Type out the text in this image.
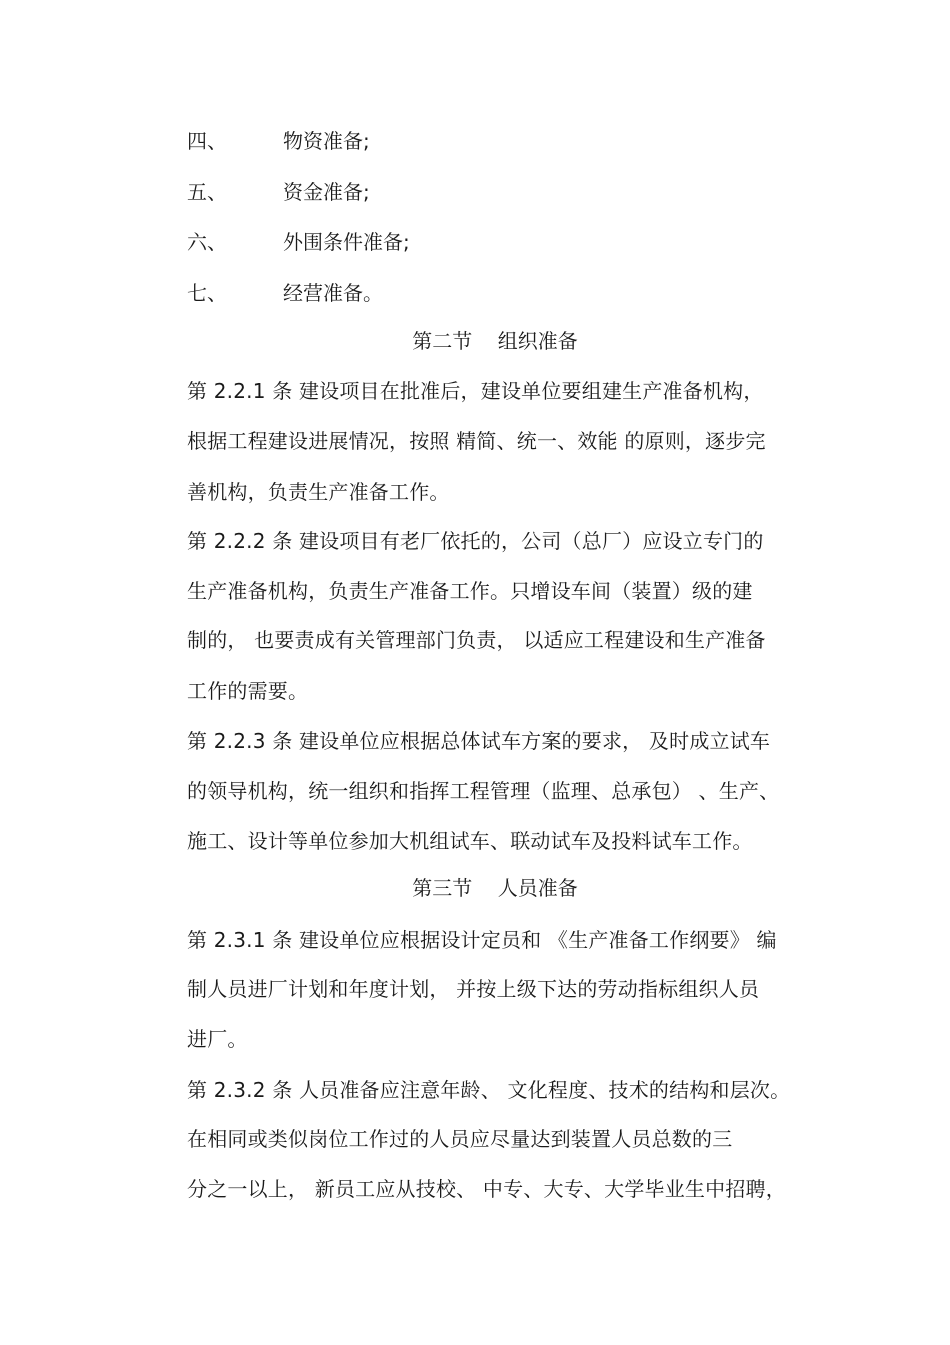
四、	物资准备;
五、	资金准备;
六、	外围条件准备;
七、	经营准备。
第二节    组织准备
第 2.2.1 条 建设项目在批准后，建设单位要组建生产准备机构，
根据工程建设进展情况，按照 精简、统一、效能 的原则，逐步完
善机构，负责生产准备工作。
第 2.2.2 条 建设项目有老厂依托的，公司（总厂）应设立专门的
生产准备机构，负责生产准备工作。只增设车间（装置）级的建
制的， 也要责成有关管理部门负责， 以适应工程建设和生产准备
工作的需要。
第 2.2.3 条 建设单位应根据总体试车方案的要求， 及时成立试车
的领导机构，统一组织和指挥工程管理（监理、总承包） 、生产、
施工、设计等单位参加大机组试车、联动试车及投料试车工作。
第三节    人员准备
第 2.3.1 条 建设单位应根据设计定员和 《生产准备工作纲要》 编
制人员进厂计划和年度计划， 并按上级下达的劳动指标组织人员
进厂。
第 2.3.2 条 人员准备应注意年龄、 文化程度、技术的结构和层次。
在相同或类似岗位工作过的人员应尽量达到装置人员总数的三
分之一以上， 新员工应从技校、 中专、大专、大学毕业生中招聘，
